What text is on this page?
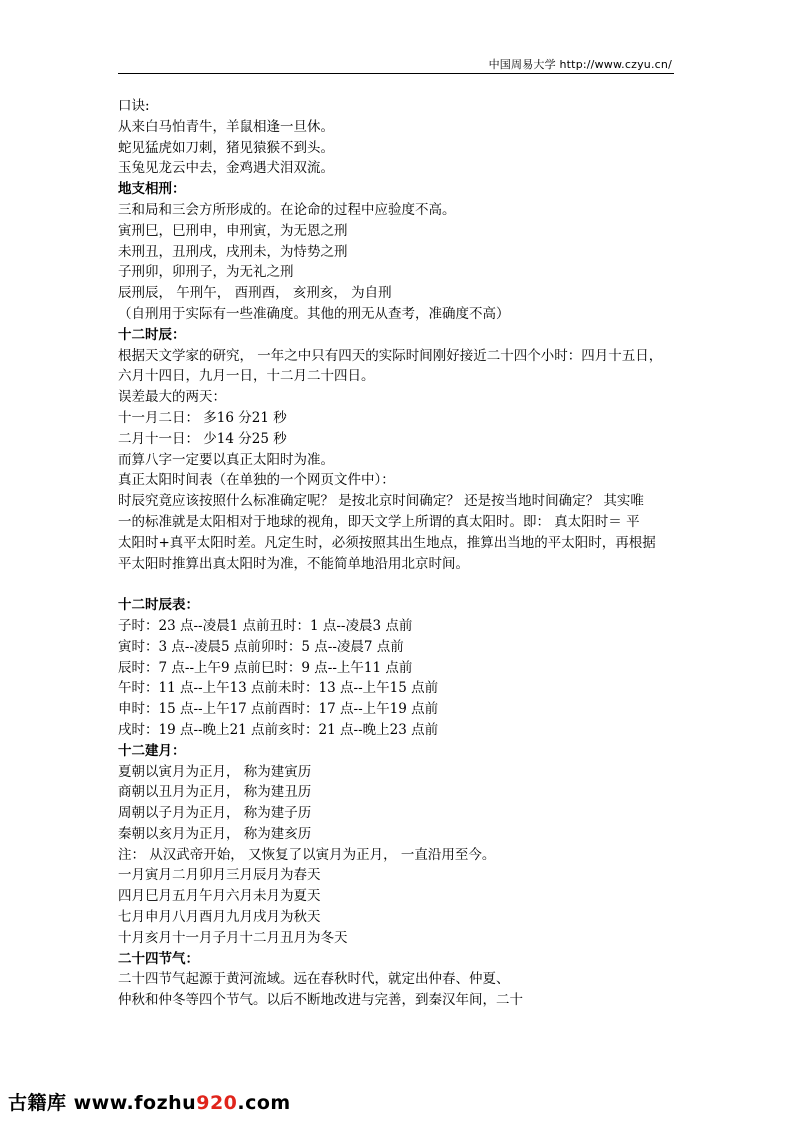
中国周易大学 http://www.czyu.cn/
口诀:
从来白马怕青牛，羊鼠相逢一旦休。
蛇见猛虎如刀刺，猪见猿猴不到头。
玉兔见龙云中去，金鸡遇犬泪双流。
地支相刑：
三和局和三会方所形成的。在论命的过程中应验度不高。
寅刑巳，巳刑申，申刑寅，为无恩之刑
未刑丑，丑刑戌，戌刑未，为恃势之刑
子刑卯，卯刑子，为无礼之刑
辰刑辰， 午刑午， 酉刑酉， 亥刑亥， 为自刑
（自刑用于实际有一些准确度。其他的刑无从查考，准确度不高）
十二时辰：
根据天文学家的研究， 一年之中只有四天的实际时间刚好接近二十四个小时：四月十五日，
六月十四日，九月一日，十二月二十四日。
误差最大的两天：
十一月二日： 多16 分21 秒
二月十一日： 少14 分25 秒
而算八字一定要以真正太阳时为准。
真正太阳时间表（在单独的一个网页文件中）：
时辰究竟应该按照什么标准确定呢？ 是按北京时间确定？ 还是按当地时间确定？ 其实唯
一的标准就是太阳相对于地球的视角，即天文学上所谓的真太阳时。即： 真太阳时＝ 平
太阳时+真平太阳时差。凡定生时，必须按照其出生地点，推算出当地的平太阳时，再根据
平太阳时推算出真太阳时为准，不能简单地沿用北京时间。
十二时辰表：
子时：23 点--凌晨1 点前丑时：1 点--凌晨3 点前
寅时：3 点--凌晨5 点前卯时：5 点--凌晨7 点前
辰时：7 点--上午9 点前巳时：9 点--上午11 点前
午时：11 点--上午13 点前未时：13 点--上午15 点前
申时：15 点--上午17 点前酉时：17 点--上午19 点前
戌时：19 点--晚上21 点前亥时：21 点--晚上23 点前
十二建月：
夏朝以寅月为正月， 称为建寅历
商朝以丑月为正月， 称为建丑历
周朝以子月为正月， 称为建子历
秦朝以亥月为正月， 称为建亥历
注： 从汉武帝开始， 又恢复了以寅月为正月， 一直沿用至今。
一月寅月二月卯月三月辰月为春天
四月巳月五月午月六月未月为夏天
七月申月八月酉月九月戌月为秋天
十月亥月十一月子月十二月丑月为冬天
二十四节气：
二十四节气起源于黄河流域。远在春秋时代，就定出仲春、仲夏、
仲秋和仲冬等四个节气。以后不断地改进与完善，到秦汉年间，二十
古籍库 www.fozhu920.com
